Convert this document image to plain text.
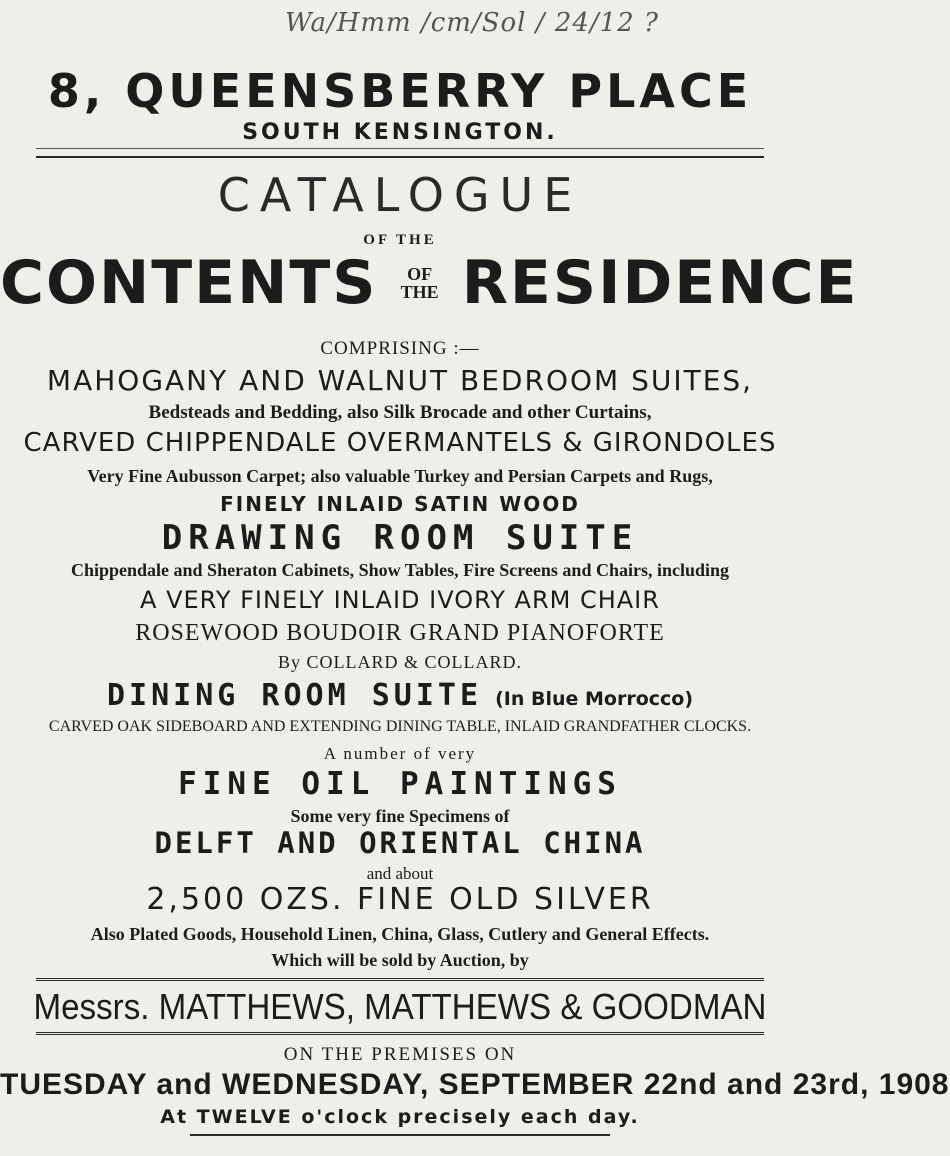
Wa/Hmm /cm/Sol / 24/12 ?
8, QUEENSBERRY PLACE
SOUTH KENSINGTON.
CATALOGUE
OF THE
CONTENTS OF
THE RESIDENCE
COMPRISING :—
MAHOGANY AND WALNUT BEDROOM SUITES,
Bedsteads and Bedding, also Silk Brocade and other Curtains,
CARVED CHIPPENDALE OVERMANTELS & GIRONDOLES
Very Fine Aubusson Carpet; also valuable Turkey and Persian Carpets and Rugs,
FINELY INLAID SATIN WOOD
DRAWING ROOM SUITE
Chippendale and Sheraton Cabinets, Show Tables, Fire Screens and Chairs, including
A VERY FINELY INLAID IVORY ARM CHAIR
ROSEWOOD BOUDOIR GRAND PIANOFORTE
By COLLARD & COLLARD.
DINING ROOM SUITE (In Blue Morrocco)
CARVED OAK SIDEBOARD AND EXTENDING DINING TABLE, INLAID GRANDFATHER CLOCKS.
A number of very
FINE OIL PAINTINGS
Some very fine Specimens of
DELFT AND ORIENTAL CHINA
and about
2,500 OZS. FINE OLD SILVER
Also Plated Goods, Household Linen, China, Glass, Cutlery and General Effects.
Which will be sold by Auction, by
Messrs. MATTHEWS, MATTHEWS & GOODMAN
ON THE PREMISES ON
TUESDAY and WEDNESDAY, SEPTEMBER 22nd and 23rd, 1908
At TWELVE o'clock precisely each day.
